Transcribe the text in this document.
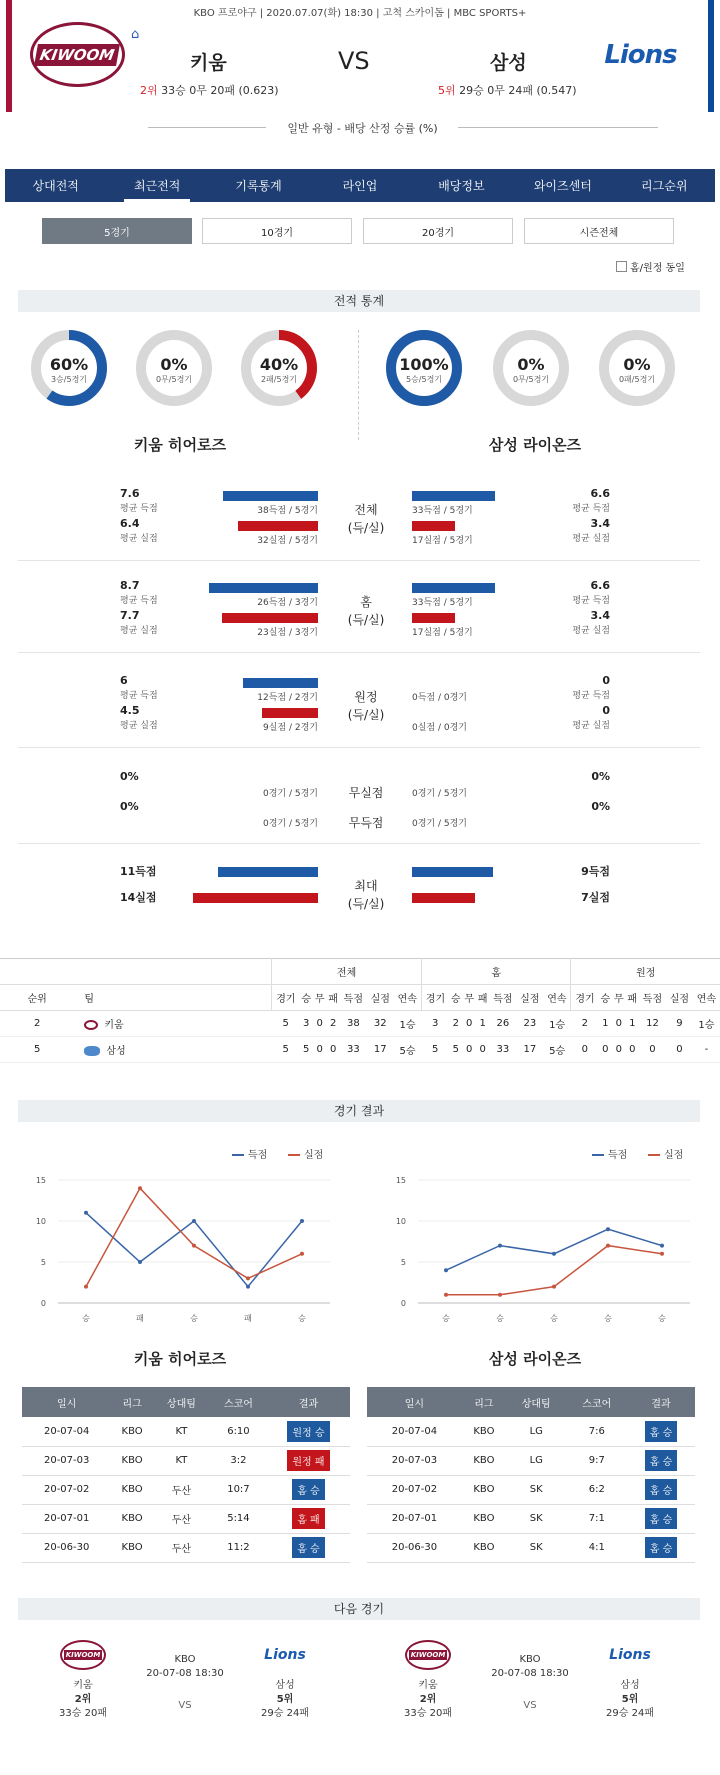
KBO 프로야구 | 2020.07.07(화) 18:30 | 고척 스카이돔 | MBC SPORTS+
KIWOOM	Lions
⌂
키움	VS	삼성
2위 33승 0무 20패 (0.623)	5위 29승 0무 24패 (0.547)
일반 유형 - 배당 산정 승률 (%)
상대전적	최근전적	기록통계	라인업	배당정보	와이즈센터	리그순위
5경기	10경기	20경기	시즌전체
홈/원정 동일
전적 통계
60%
3승/5경기
0%
0무/5경기
40%
2패/5경기
100%
5승/5경기
0%
0무/5경기
0%
0패/5경기
키움 히어로즈	삼성 라이온즈
7.6
평균 득점	38득점 / 5경기
6.4
평균 실점	32실점 / 5경기
6.6
평균 득점
33득점 / 5경기
3.4
평균 실점
17실점 / 5경기
전체
(득/실)
8.7
평균 득점	26득점 / 3경기
7.7
평균 실점	23실점 / 3경기
6.6
평균 득점
33득점 / 5경기
3.4
평균 실점
17실점 / 5경기
홈
(득/실)
6
평균 득점	12득점 / 2경기
4.5
평균 실점	9실점 / 2경기
0
평균 득점
0득점 / 0경기
0
평균 실점
0실점 / 0경기
원정
(득/실)
0%
0경기 / 5경기
0%
0경기 / 5경기
0%
0경기 / 5경기
0%
0경기 / 5경기
무실점
무득점
11득점
14실점
9득점
7실점
최대
(득/실)
		전체							홈							원정						
순위	팀	경기	승	무	패	득점	실점	연속	경기	승	무	패	득점	실점	연속	경기	승	무	패	득점	실점	연속
2	키움	5	3	0	2	38	32	1승	3	2	0	1	26	23	1승	2	1	0	1	12	9	1승
5	삼성	5	5	0	0	33	17	5승	5	5	0	0	33	17	5승	0	0	0	0	0	0	-
경기 결과
0
5
10
15
승	패	승	패	승
득점	실점
0
5
10
15
승	승	승	승	승
득점	실점
키움 히어로즈	삼성 라이온즈
일시	리그	상대팀	스코어	결과
20-07-04	KBO	KT	6:10	원정 승
20-07-03	KBO	KT	3:2	원정 패
20-07-02	KBO	두산	10:7	홈 승
20-07-01	KBO	두산	5:14	홈 패
20-06-30	KBO	두산	11:2	홈 승
일시	리그	상대팀	스코어	결과
20-07-04	KBO	LG	7:6	홈 승
20-07-03	KBO	LG	9:7	홈 승
20-07-02	KBO	SK	6:2	홈 승
20-07-01	KBO	SK	7:1	홈 승
20-06-30	KBO	SK	4:1	홈 승
다음 경기
KIWOOM	Lions
키움
2위
33승 20패
KBO
20-07-08 18:30
VS
삼성
5위
29승 24패
KIWOOM	Lions
키움
2위
33승 20패
KBO
20-07-08 18:30
VS
삼성
5위
29승 24패
